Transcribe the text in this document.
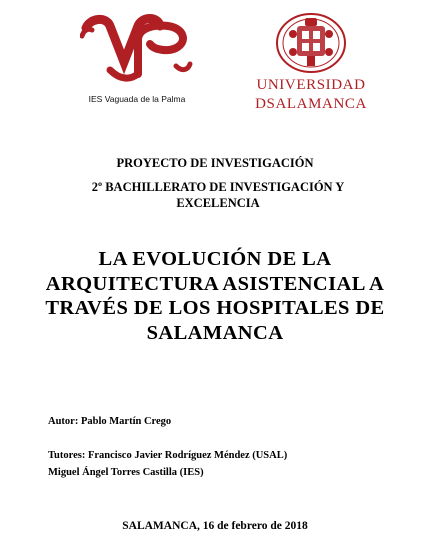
IES Vaguada de la Palma
UNIVERSIDAD
DSALAMANCA
PROYECTO DE INVESTIGACIÓN
2º BACHILLERATO DE INVESTIGACIÓN Y EXCELENCIA
LA EVOLUCIÓN DE LA ARQUITECTURA ASISTENCIAL A TRAVÉS DE LOS HOSPITALES DE SALAMANCA
Autor: Pablo Martín Crego
Tutores: Francisco Javier Rodríguez Méndez (USAL)
Miguel Ángel Torres Castilla (IES)
SALAMANCA, 16 de febrero de 2018
